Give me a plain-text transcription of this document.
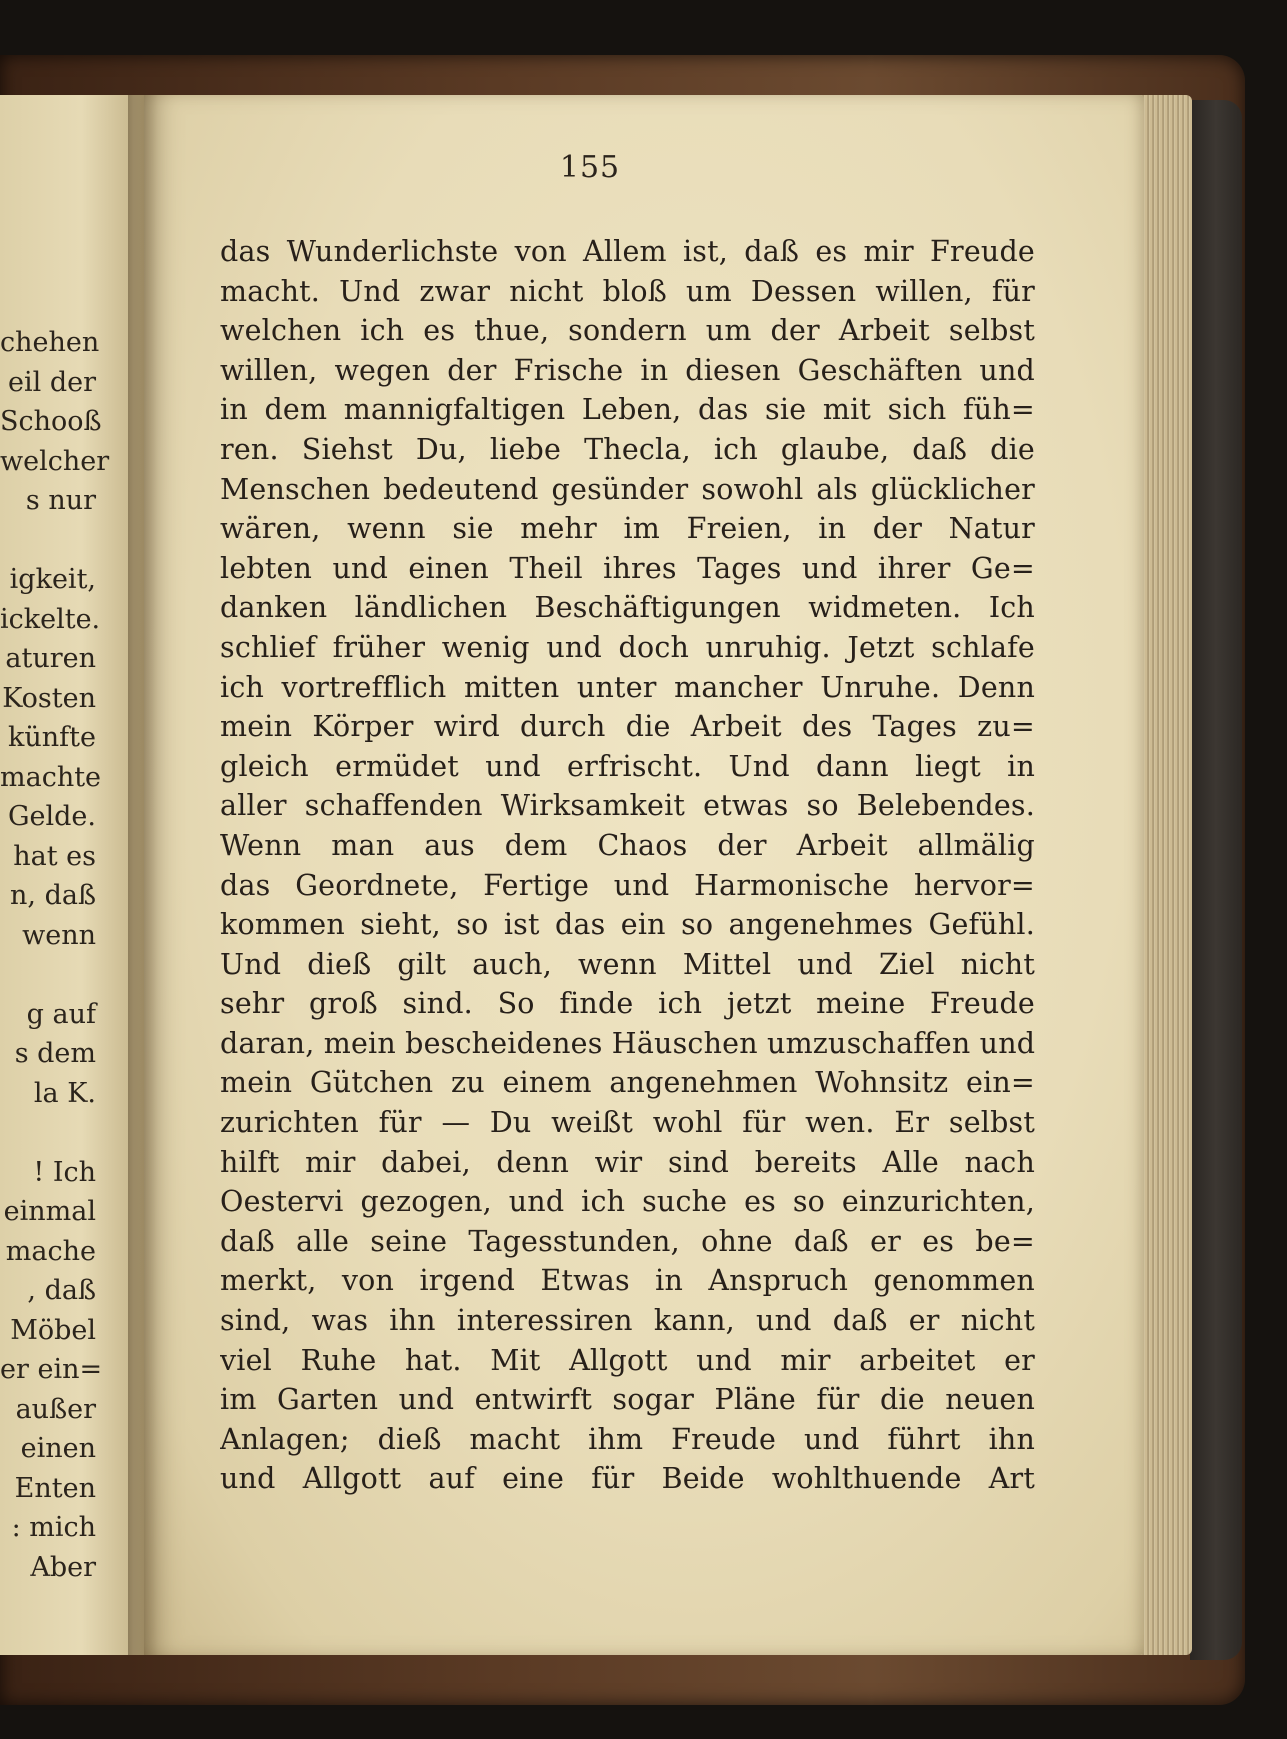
chehen
eil der
Schooß
welcher
s nur
igkeit,
ickelte.
aturen
Kosten
künfte
machte
Gelde.
hat es
n, daß
wenn
g auf
s dem
la K.
! Ich
einmal
mache
, daß
Möbel
er ein=
außer
einen
Enten
: mich
Aber
155
das Wunderlichste von Allem ist, daß es mir Freude
macht. Und zwar nicht bloß um Dessen willen, für
welchen ich es thue, sondern um der Arbeit selbst
willen, wegen der Frische in diesen Geschäften und
in dem mannigfaltigen Leben, das sie mit sich füh=
ren. Siehst Du, liebe Thecla, ich glaube, daß die
Menschen bedeutend gesünder sowohl als glücklicher
wären, wenn sie mehr im Freien, in der Natur
lebten und einen Theil ihres Tages und ihrer Ge=
danken ländlichen Beschäftigungen widmeten. Ich
schlief früher wenig und doch unruhig. Jetzt schlafe
ich vortrefflich mitten unter mancher Unruhe. Denn
mein Körper wird durch die Arbeit des Tages zu=
gleich ermüdet und erfrischt. Und dann liegt in
aller schaffenden Wirksamkeit etwas so Belebendes.
Wenn man aus dem Chaos der Arbeit allmälig
das Geordnete, Fertige und Harmonische hervor=
kommen sieht, so ist das ein so angenehmes Gefühl.
Und dieß gilt auch, wenn Mittel und Ziel nicht
sehr groß sind. So finde ich jetzt meine Freude
daran, mein bescheidenes Häuschen umzuschaffen und
mein Gütchen zu einem angenehmen Wohnsitz ein=
zurichten für — Du weißt wohl für wen. Er selbst
hilft mir dabei, denn wir sind bereits Alle nach
Oestervi gezogen, und ich suche es so einzurichten,
daß alle seine Tagesstunden, ohne daß er es be=
merkt, von irgend Etwas in Anspruch genommen
sind, was ihn interessiren kann, und daß er nicht
viel Ruhe hat. Mit Allgott und mir arbeitet er
im Garten und entwirft sogar Pläne für die neuen
Anlagen; dieß macht ihm Freude und führt ihn
und Allgott auf eine für Beide wohlthuende Art
